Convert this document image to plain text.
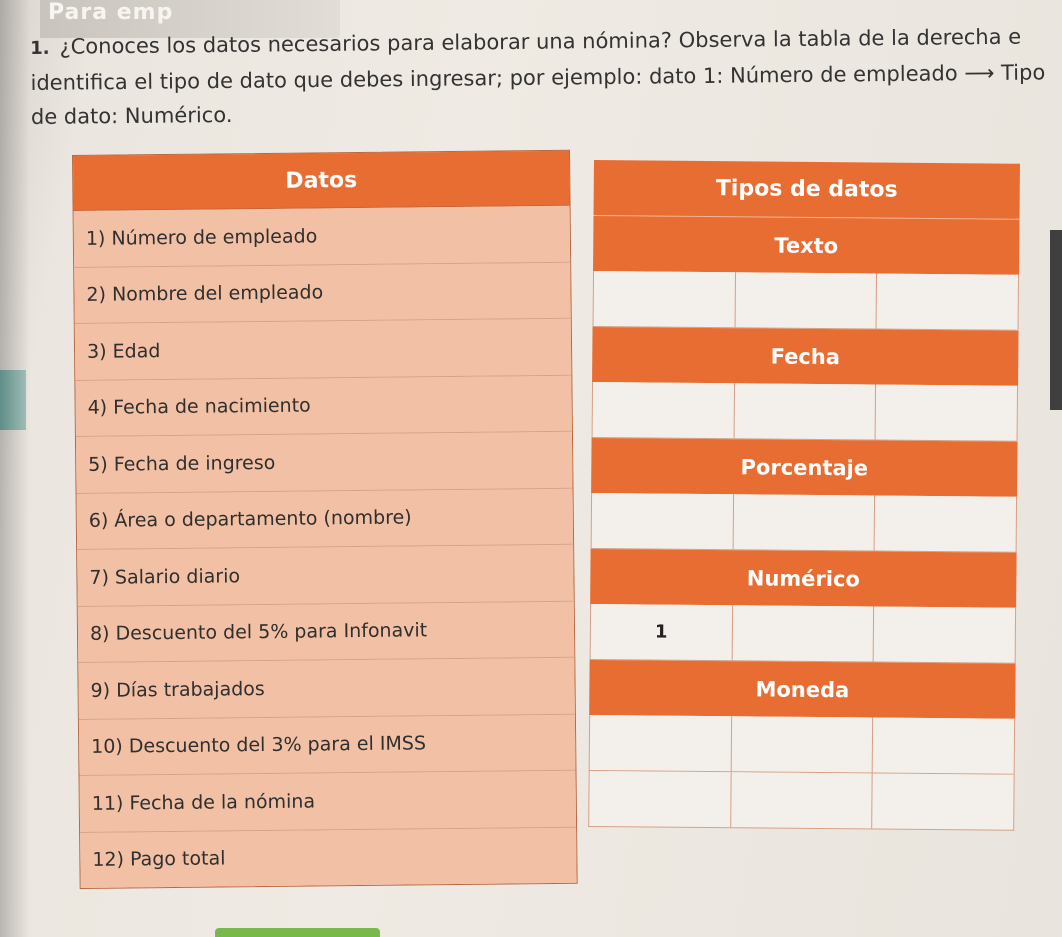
Para emp
1. ¿Conoces los datos necesarios para elaborar una nómina? Observa la tabla de la derecha e identifica el tipo de dato que debes ingresar; por ejemplo: dato 1: Número de empleado ⟶ Tipo de dato: Numérico.
Datos
1) Número de empleado
2) Nombre del empleado
3) Edad
4) Fecha de nacimiento
5) Fecha de ingreso
6) Área o departamento (nombre)
7) Salario diario
8) Descuento del 5% para Infonavit
9) Días trabajados
10) Descuento del 3% para el IMSS
11) Fecha de la nómina
12) Pago total
Tipos de datos
Texto
Fecha
Porcentaje
Numérico
1
Moneda
